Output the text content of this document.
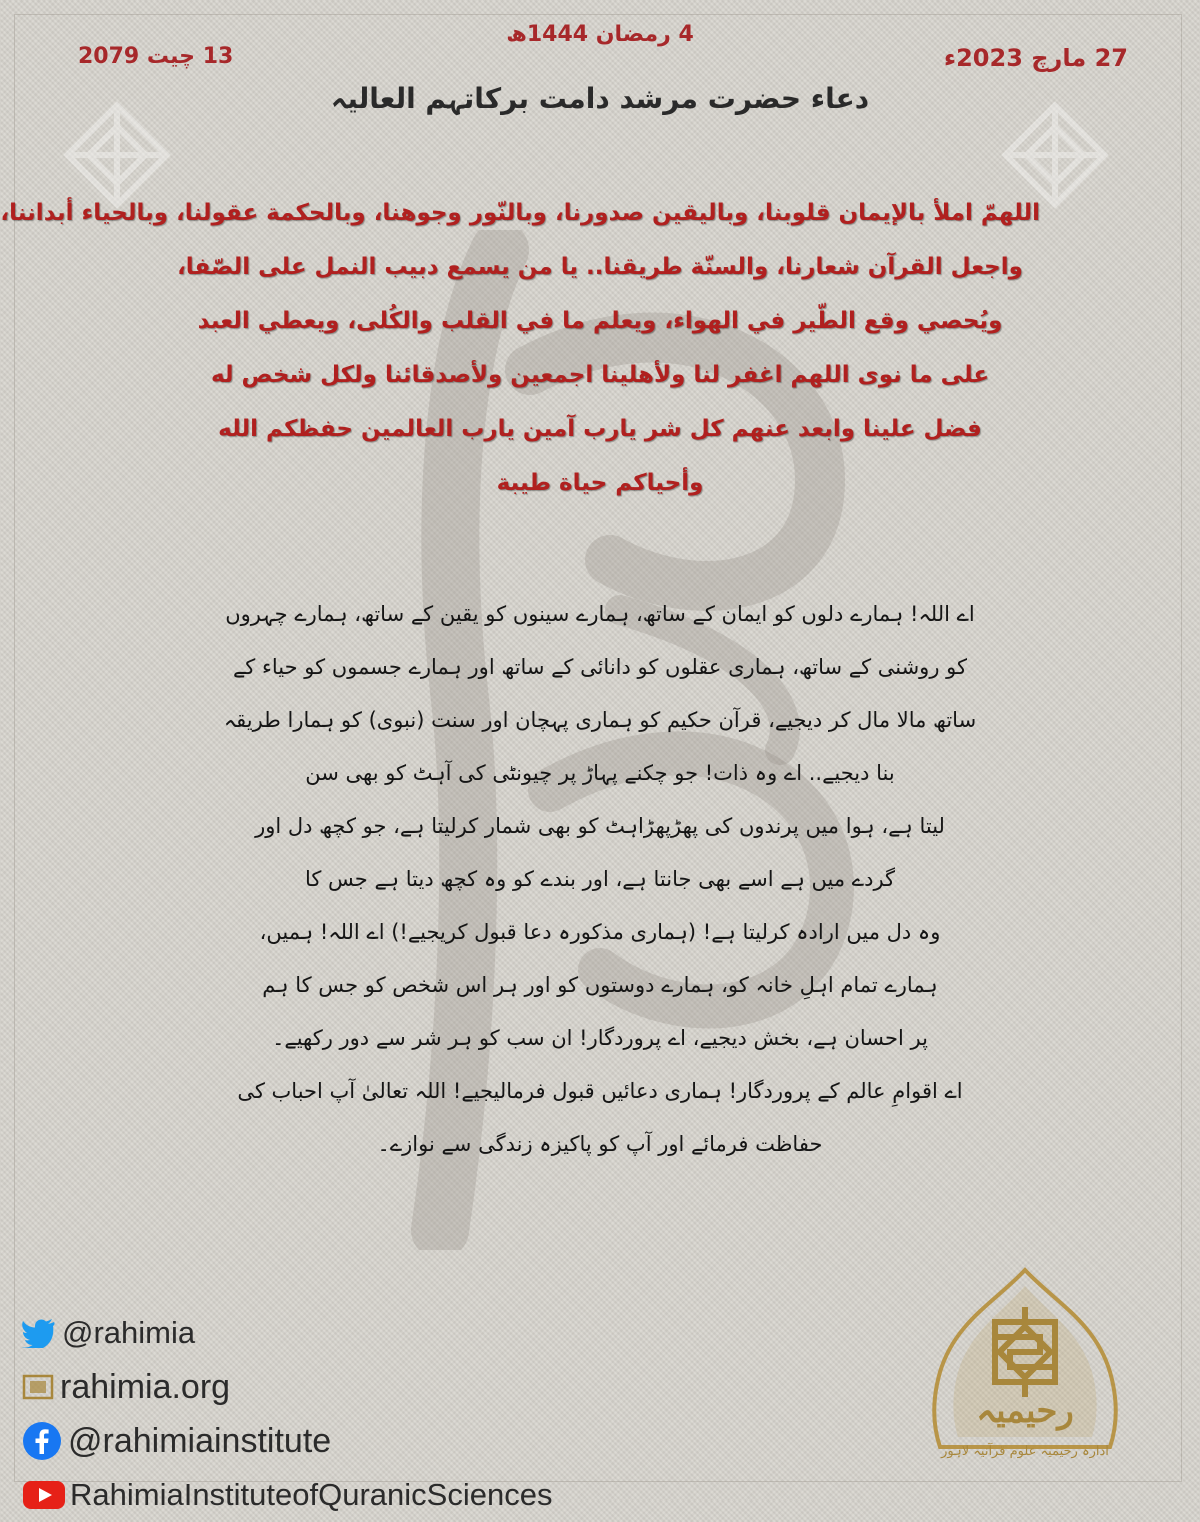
13 چیت 2079
4 رمضان 1444ھ
27 مارچ 2023ء
دعاء حضرت مرشد دامت برکاتہم العالیہ
اللهمّ املأ بالإيمان قلوبنا، وباليقين صدورنا، وبالنّور وجوهنا، وبالحكمة عقولنا، وبالحياء أبداننا،
واجعل القرآن شعارنا، والسنّة طريقنا.. يا من يسمع دبيب النمل على الصّفا،
ويُحصي وقع الطّير في الهواء، ويعلم ما في القلب والكُلى، ويعطي العبد
على ما نوى اللهم اغفر لنا ولأهلينا اجمعين ولأصدقائنا ولكل شخص له
فضل علينا وابعد عنهم كل شر يارب آمين يارب العالمين حفظكم الله
وأحياكم حياة طيبة
اے اللہ! ہمارے دلوں کو ایمان کے ساتھ، ہمارے سینوں کو یقین کے ساتھ، ہمارے چہروں
کو روشنی کے ساتھ، ہماری عقلوں کو دانائی کے ساتھ اور ہمارے جسموں کو حیاء کے
ساتھ مالا مال کر دیجیے، قرآن حکیم کو ہماری پہچان اور سنت (نبوی) کو ہمارا طریقہ
بنا دیجیے.. اے وہ ذات! جو چکنے پہاڑ پر چیونٹی کی آہٹ کو بھی سن
لیتا ہے، ہوا میں پرندوں کی پھڑپھڑاہٹ کو بھی شمار کرلیتا ہے، جو کچھ دل اور
گردے میں ہے اسے بھی جانتا ہے، اور بندے کو وہ کچھ دیتا ہے جس کا
وہ دل میں ارادہ کرلیتا ہے! (ہماری مذکورہ دعا قبول کریجیے!) اے اللہ! ہمیں،
ہمارے تمام اہلِ خانہ کو، ہمارے دوستوں کو اور ہر اس شخص کو جس کا ہم
پر احسان ہے، بخش دیجیے، اے پروردگار! ان سب کو ہر شر سے دور رکھیے۔
اے اقوامِ عالم کے پروردگار! ہماری دعائیں قبول فرمالیجیے! اللہ تعالیٰ آپ احباب کی
حفاظت فرمائے اور آپ کو پاکیزہ زندگی سے نوازے۔
@rahimia
rahimia.org
@rahimiainstitute
RahimiaInstituteofQuranicSciences
رحیمیہ
ادارہ رحیمیہ علوم قرآنیہ لاہور
